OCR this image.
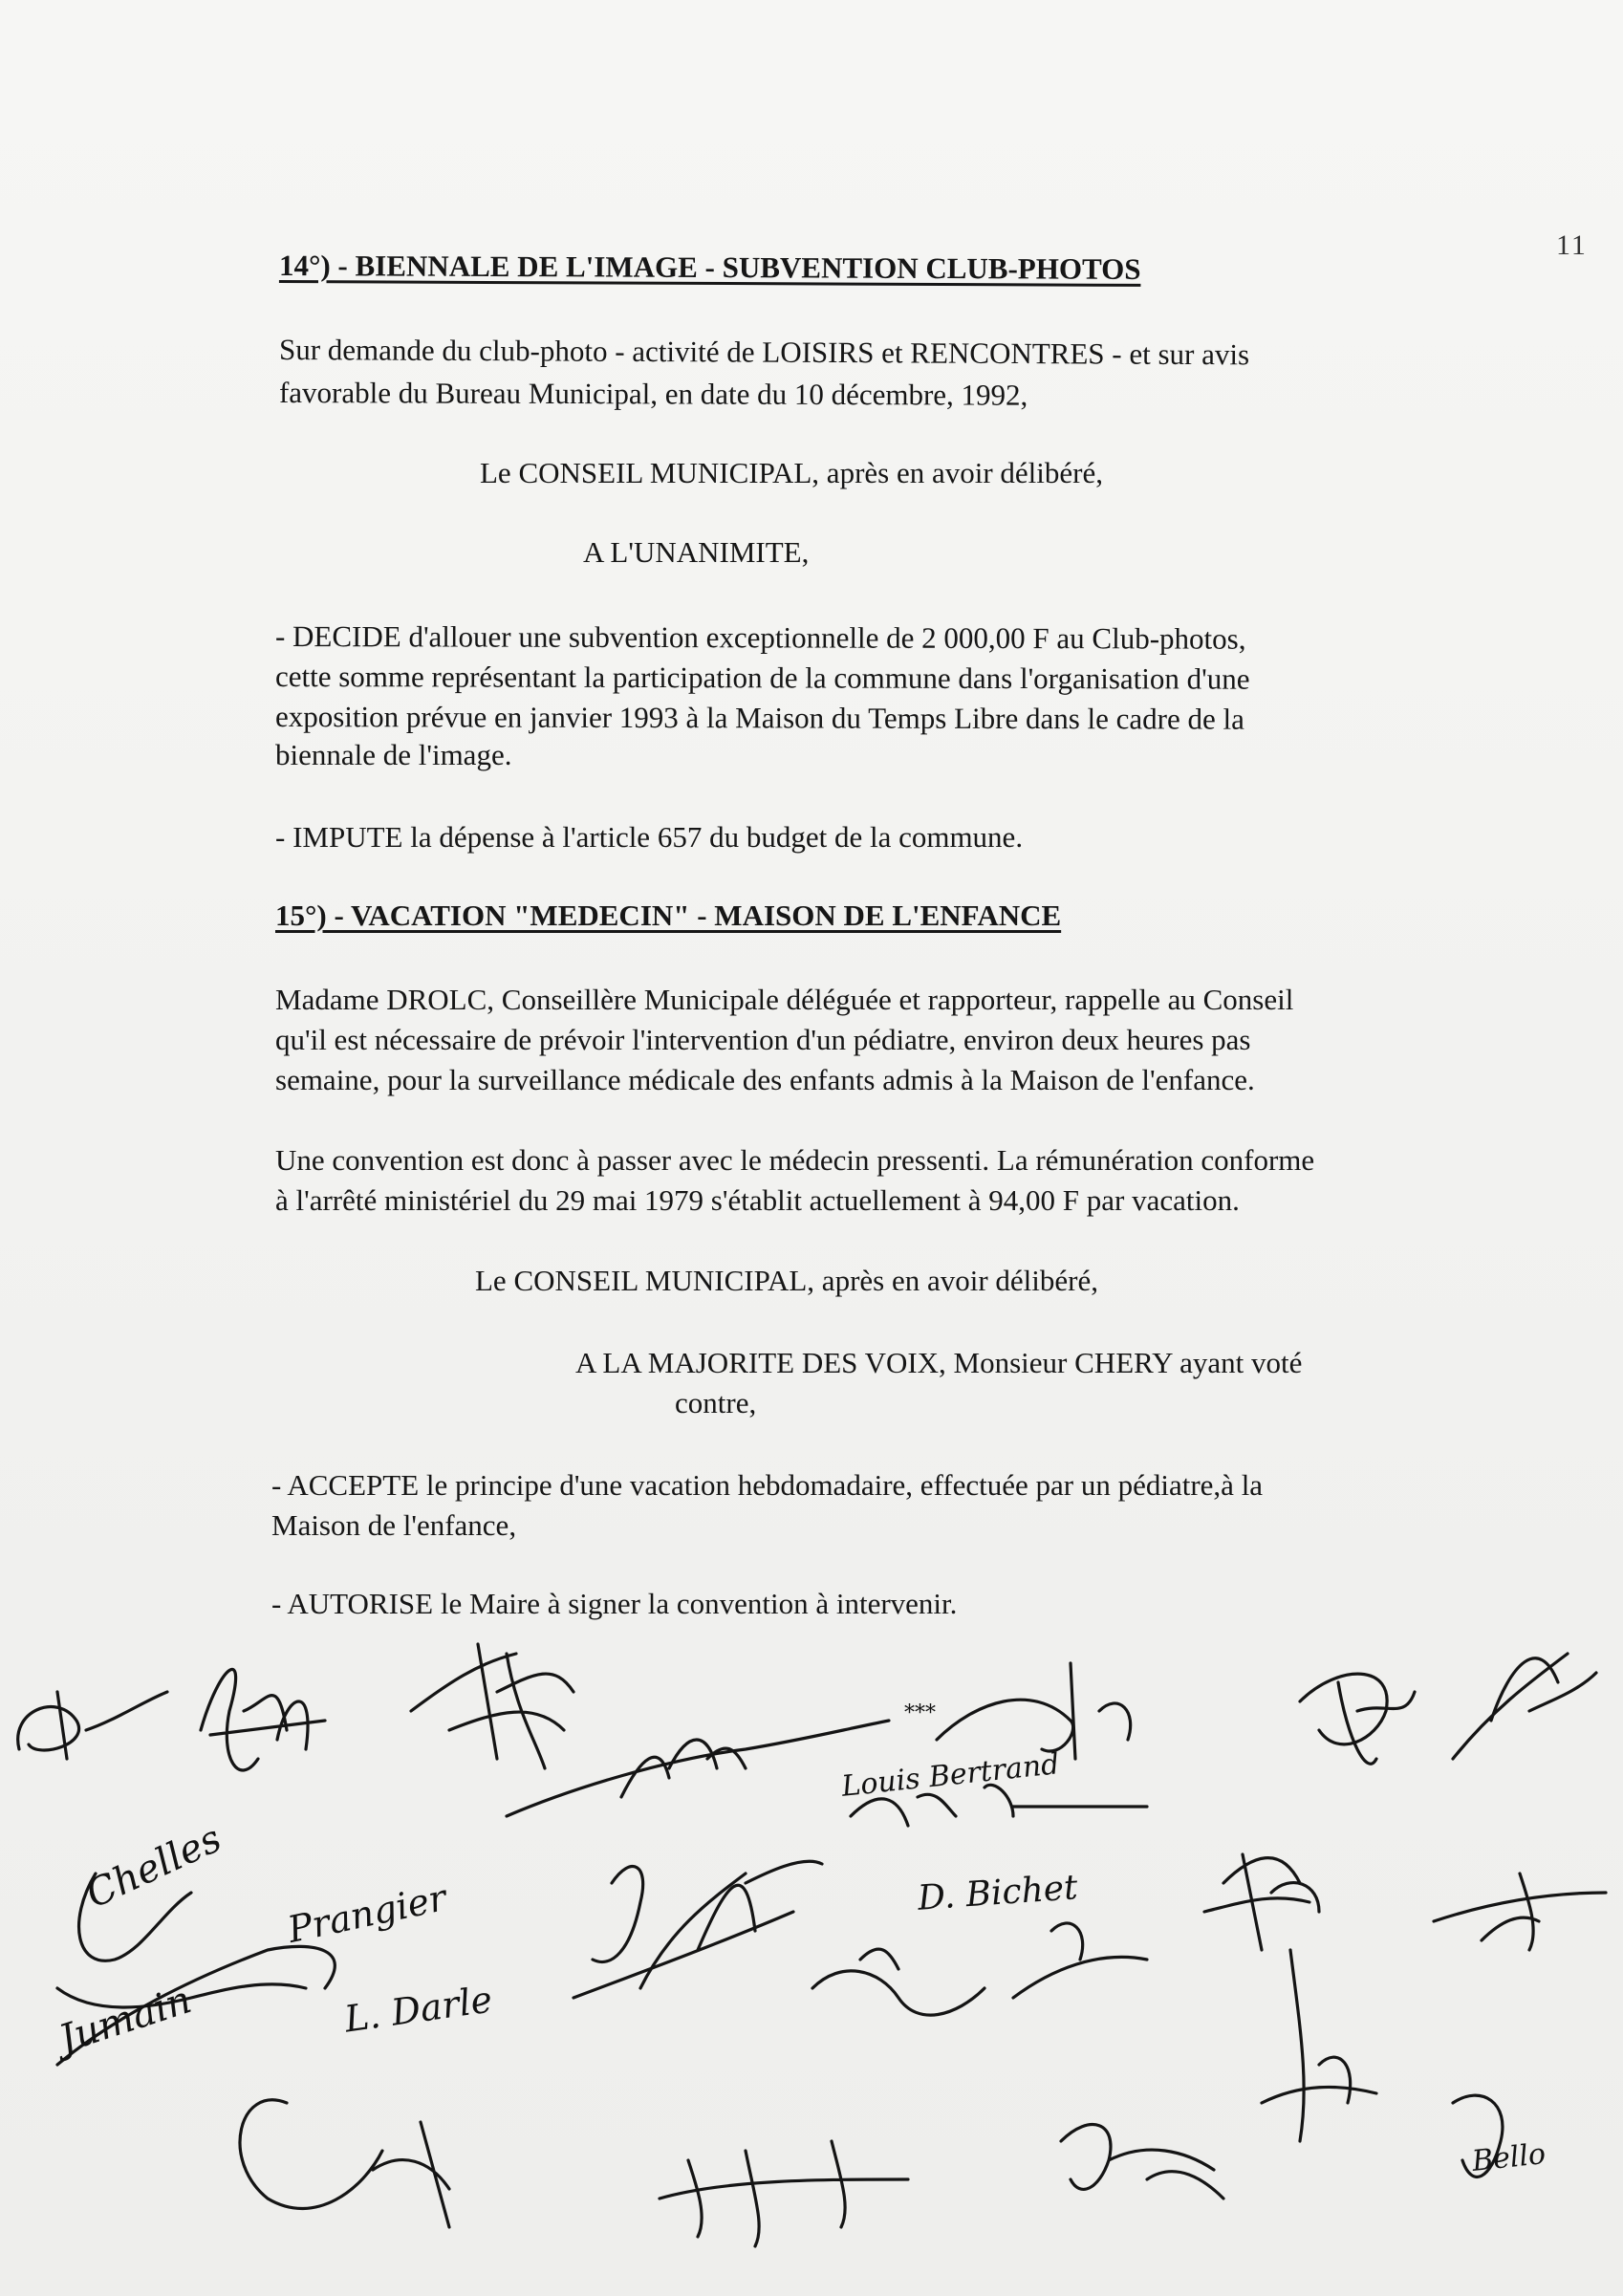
11
14°) - BIENNALE DE L'IMAGE - SUBVENTION CLUB-PHOTOS
Sur demande du club-photo - activité de LOISIRS et RENCONTRES - et sur avis
favorable du Bureau Municipal, en date du 10 décembre, 1992,
Le CONSEIL MUNICIPAL, après en avoir délibéré,
A L'UNANIMITE,
- DECIDE d'allouer une subvention exceptionnelle de 2 000,00 F au Club-photos,
cette somme représentant la participation de la commune dans l'organisation d'une
exposition prévue en janvier 1993 à la Maison du Temps Libre dans le cadre de la
biennale de l'image.
- IMPUTE la dépense à l'article 657 du budget de la commune.
15°) - VACATION "MEDECIN" - MAISON DE L'ENFANCE
Madame DROLC, Conseillère Municipale déléguée et rapporteur, rappelle au Conseil
qu'il est nécessaire de prévoir l'intervention d'un pédiatre, environ deux heures pas
semaine, pour la surveillance médicale des enfants admis à la Maison de l'enfance.
Une convention est donc à passer avec le médecin pressenti. La rémunération conforme
à l'arrêté ministériel du 29 mai 1979 s'établit actuellement à 94,00 F par vacation.
Le CONSEIL MUNICIPAL, après en avoir délibéré,
A LA MAJORITE DES VOIX, Monsieur CHERY ayant voté
contre,
- ACCEPTE le principe d'une vacation hebdomadaire, effectuée par un pédiatre,à la
Maison de l'enfance,
- AUTORISE le Maire à signer la convention à intervenir.
Chelles
Jumain
Prangier
L. Darle
Louis Bertrand
D. Bichet
Bello
***
